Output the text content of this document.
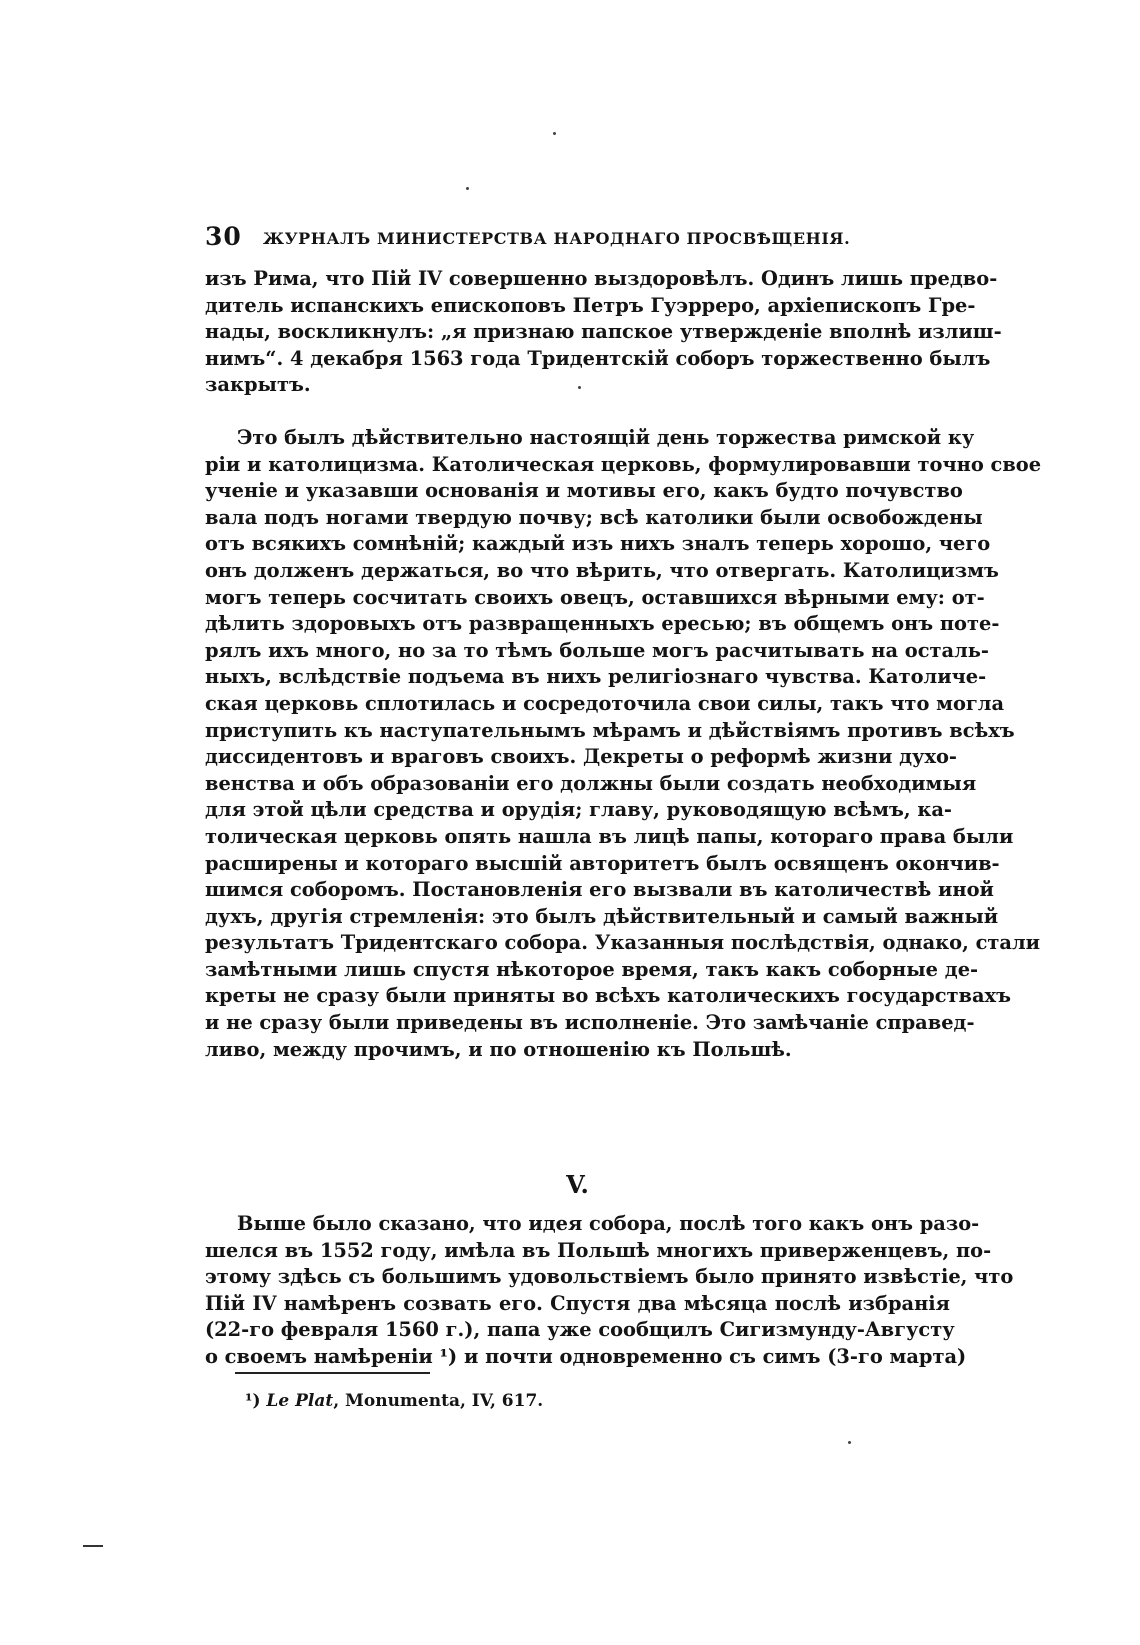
30 ЖУРНАЛЪ МИНИСТЕРСТВА НАРОДНАГО ПРОСВѢЩЕНІЯ.
изъ Рима, что Пій IV совершенно выздоровѣлъ. Одинъ лишь предво-
дитель испанскихъ епископовъ Петръ Гуэрреро, архіепископъ Гре-
нады, воскликнулъ: „я признаю папское утвержденіе вполнѣ излиш-
нимъ“. 4 декабря 1563 года Тридентскій соборъ торжественно былъ
закрытъ.
Это былъ дѣйствительно настоящій день торжества римской ку
ріи и католицизма. Католическая церковь, формулировавши точно свое
ученіе и указавши основанія и мотивы его, какъ будто почувство
вала подъ ногами твердую почву; всѣ католики были освобождены
отъ всякихъ сомнѣній; каждый изъ нихъ зналъ теперь хорошо, чего
онъ долженъ держаться, во что вѣрить, что отвергать. Католицизмъ
могъ теперь сосчитать своихъ овецъ, оставшихся вѣрными ему: от-
дѣлить здоровыхъ отъ развращенныхъ ересью; въ общемъ онъ поте-
рялъ ихъ много, но за то тѣмъ больше могъ расчитывать на осталь-
ныхъ, вслѣдствіе подъема въ нихъ религіознаго чувства. Католиче-
ская церковь сплотилась и сосредоточила свои силы, такъ что могла
приступить къ наступательнымъ мѣрамъ и дѣйствіямъ противъ всѣхъ
диссидентовъ и враговъ своихъ. Декреты о реформѣ жизни духо-
венства и объ образованіи его должны были создать необходимыя
для этой цѣли средства и орудія; главу, руководящую всѣмъ, ка-
толическая церковь опять нашла въ лицѣ папы, котораго права были
расширены и котораго высшій авторитетъ былъ освященъ окончив-
шимся соборомъ. Постановленія его вызвали въ католичествѣ иной
духъ, другія стремленія: это былъ дѣйствительный и самый важный
результатъ Тридентскаго собора. Указанныя послѣдствія, однако, стали
замѣтными лишь спустя нѣкоторое время, такъ какъ соборные де-
креты не сразу были приняты во всѣхъ католическихъ государствахъ
и не сразу были приведены въ исполненіе. Это замѣчаніе справед-
ливо, между прочимъ, и по отношенію къ Польшѣ.
V.
Выше было сказано, что идея собора, послѣ того какъ онъ разо-
шелся въ 1552 году, имѣла въ Польшѣ многихъ приверженцевъ, по-
этому здѣсь съ большимъ удовольствіемъ было принято извѣстіе, что
Пій IV намѣренъ созвать его. Спустя два мѣсяца послѣ избранія
(22-го февраля 1560 г.), папа уже сообщилъ Сигизмунду-Августу
о своемъ намѣреніи ¹) и почти одновременно съ симъ (3-го марта)
¹) Le Plat, Monumenta, IV, 617.
